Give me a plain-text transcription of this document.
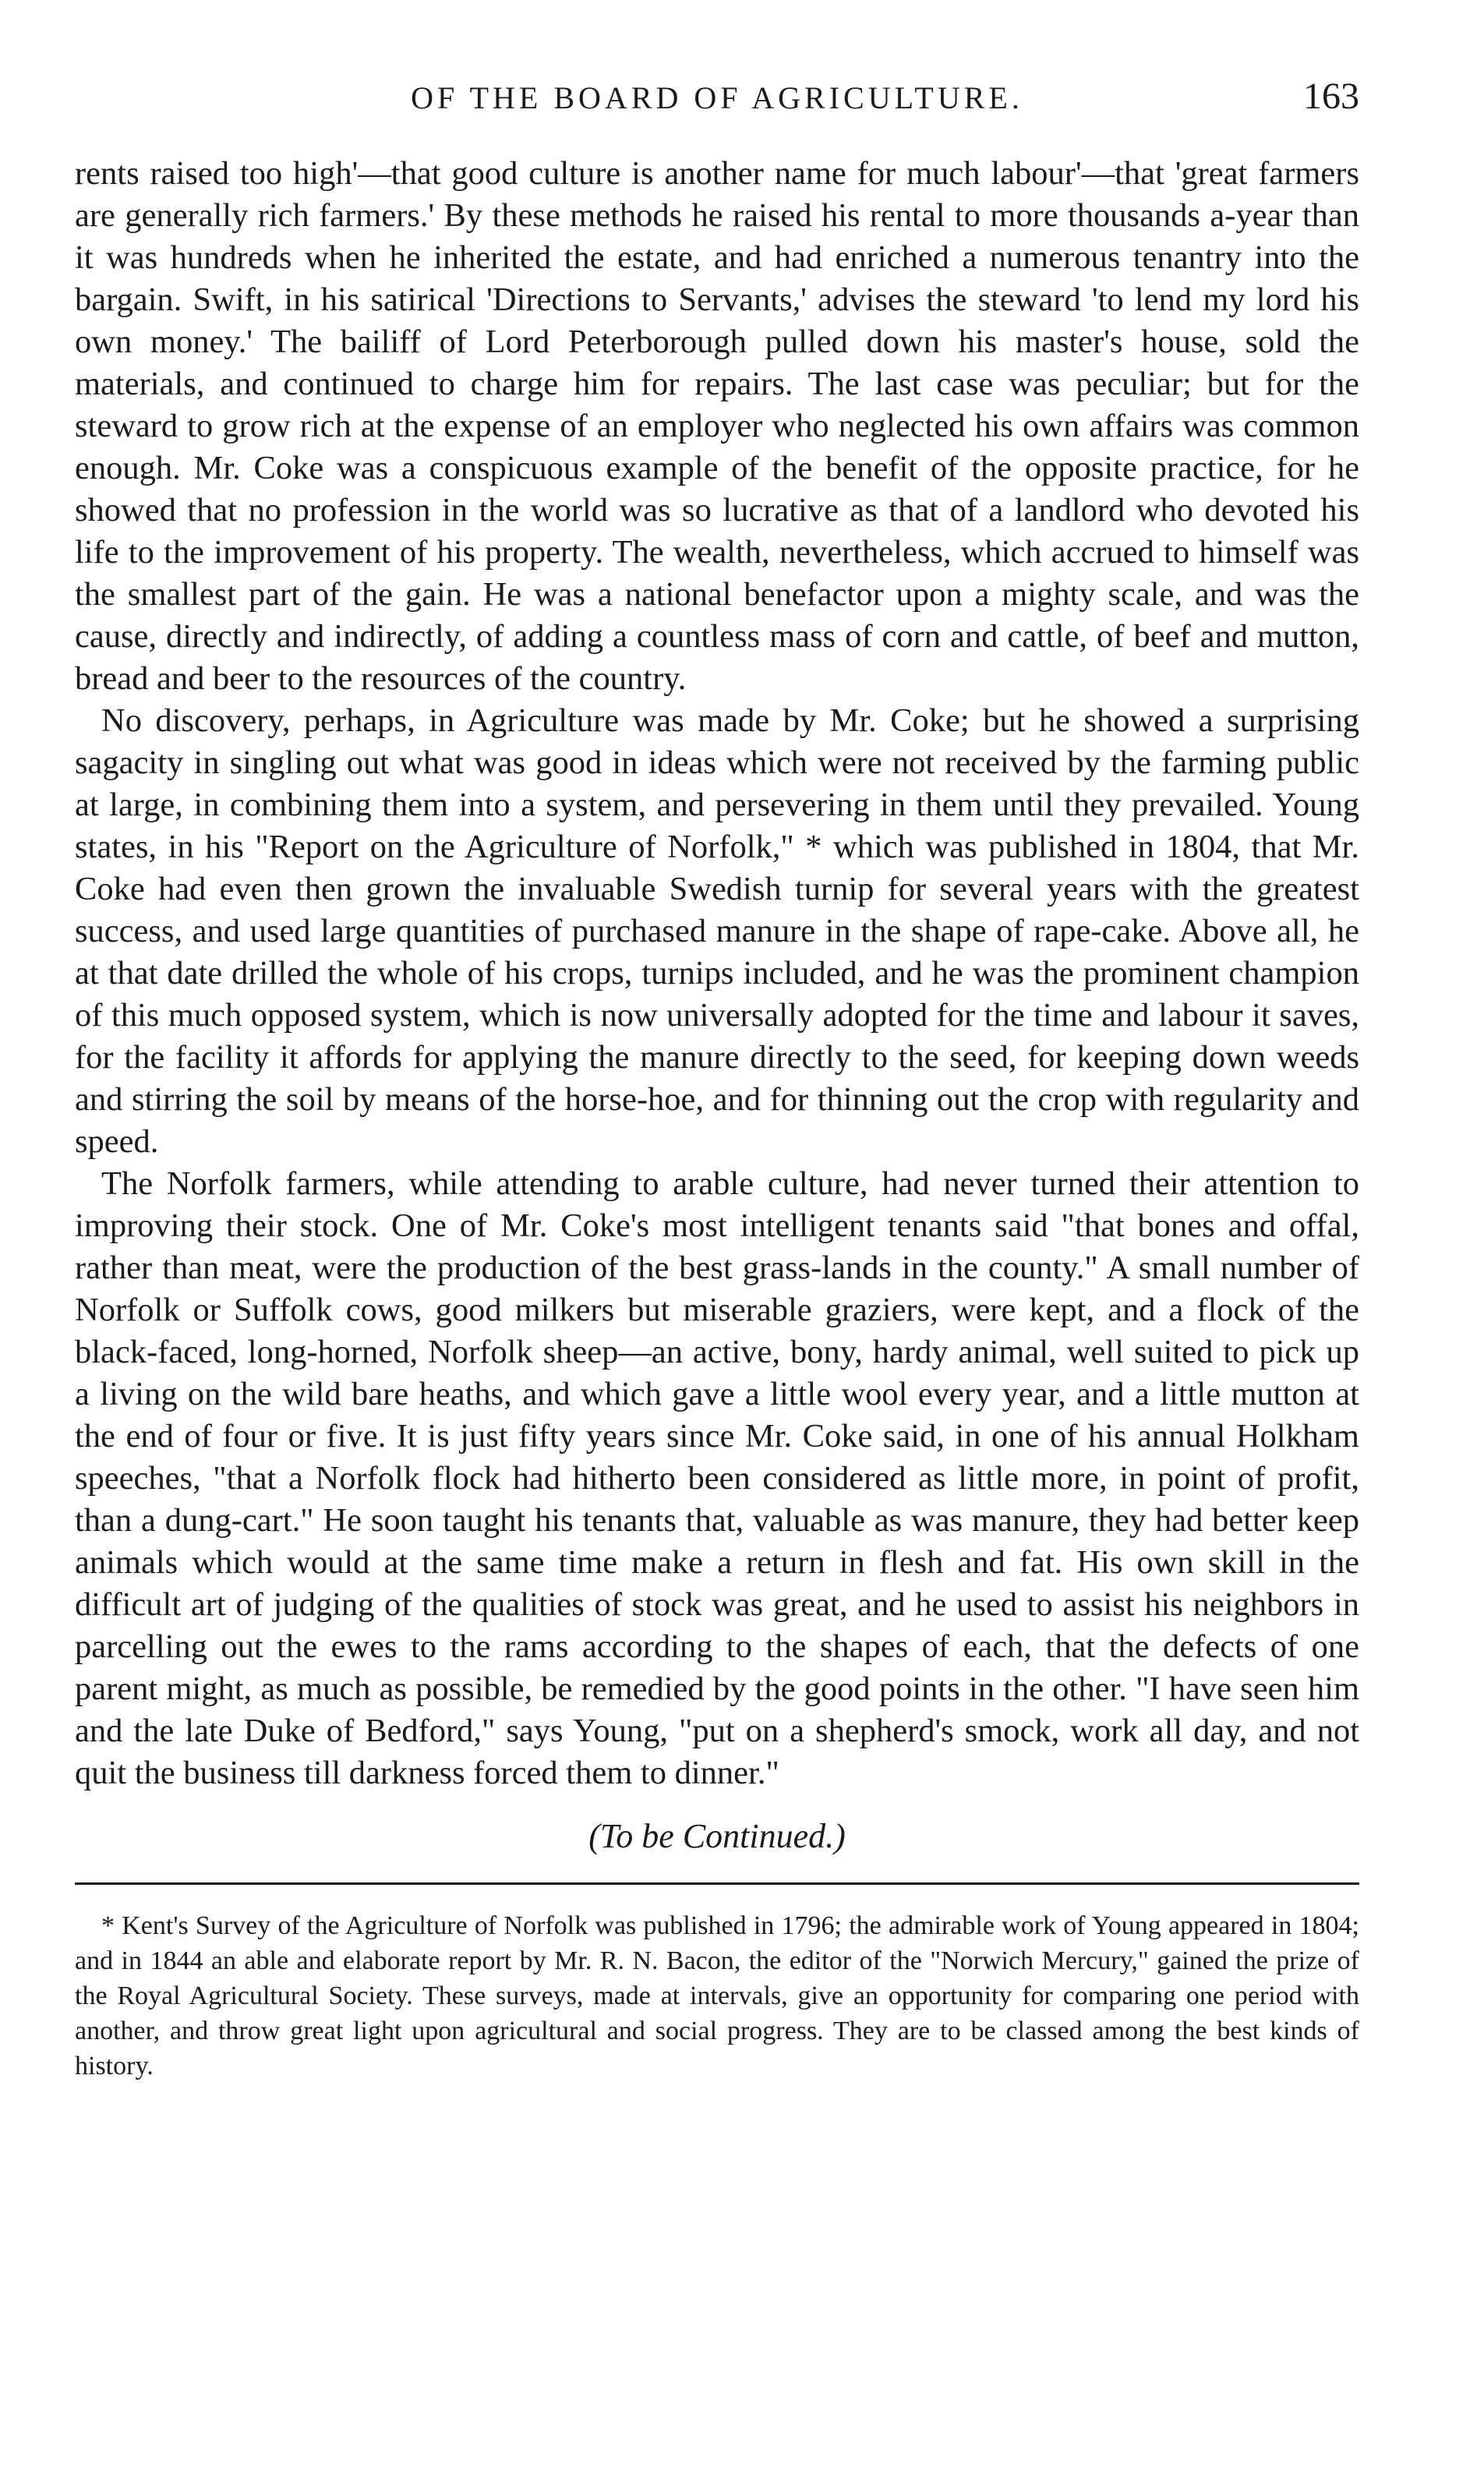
OF THE BOARD OF AGRICULTURE.	163

rents raised too high'—that good culture is another name for much labour'—that 'great farmers are generally rich farmers.' By these methods he raised his rental to more thousands a-year than it was hundreds when he inherited the estate, and had enriched a numerous tenantry into the bargain. Swift, in his satirical 'Directions to Servants,' advises the steward 'to lend my lord his own money.' The bailiff of Lord Peterborough pulled down his master's house, sold the materials, and continued to charge him for repairs. The last case was peculiar; but for the steward to grow rich at the expense of an employer who neglected his own affairs was common enough. Mr. Coke was a conspicuous example of the benefit of the opposite practice, for he showed that no profession in the world was so lucrative as that of a landlord who devoted his life to the improvement of his property. The wealth, nevertheless, which accrued to himself was the smallest part of the gain. He was a national benefactor upon a mighty scale, and was the cause, directly and indirectly, of adding a countless mass of corn and cattle, of beef and mutton, bread and beer to the resources of the country.

No discovery, perhaps, in Agriculture was made by Mr. Coke; but he showed a surprising sagacity in singling out what was good in ideas which were not received by the farming public at large, in combining them into a system, and persevering in them until they prevailed. Young states, in his "Report on the Agriculture of Norfolk," * which was published in 1804, that Mr. Coke had even then grown the invaluable Swedish turnip for several years with the greatest success, and used large quantities of purchased manure in the shape of rape-cake. Above all, he at that date drilled the whole of his crops, turnips included, and he was the prominent champion of this much opposed system, which is now universally adopted for the time and labour it saves, for the facility it affords for applying the manure directly to the seed, for keeping down weeds and stirring the soil by means of the horse-hoe, and for thinning out the crop with regularity and speed.

The Norfolk farmers, while attending to arable culture, had never turned their attention to improving their stock. One of Mr. Coke's most intelligent tenants said "that bones and offal, rather than meat, were the production of the best grass-lands in the county." A small number of Norfolk or Suffolk cows, good milkers but miserable graziers, were kept, and a flock of the black-faced, long-horned, Norfolk sheep—an active, bony, hardy animal, well suited to pick up a living on the wild bare heaths, and which gave a little wool every year, and a little mutton at the end of four or five. It is just fifty years since Mr. Coke said, in one of his annual Holkham speeches, "that a Norfolk flock had hitherto been considered as little more, in point of profit, than a dung-cart." He soon taught his tenants that, valuable as was manure, they had better keep animals which would at the same time make a return in flesh and fat. His own skill in the difficult art of judging of the qualities of stock was great, and he used to assist his neighbors in parcelling out the ewes to the rams according to the shapes of each, that the defects of one parent might, as much as possible, be remedied by the good points in the other. "I have seen him and the late Duke of Bedford," says Young, "put on a shepherd's smock, work all day, and not quit the business till darkness forced them to dinner."

(To be Continued.)
* Kent's Survey of the Agriculture of Norfolk was published in 1796; the admirable work of Young appeared in 1804; and in 1844 an able and elaborate report by Mr. R. N. Bacon, the editor of the "Norwich Mercury," gained the prize of the Royal Agricultural Society. These surveys, made at intervals, give an opportunity for comparing one period with another, and throw great light upon agricultural and social progress. They are to be classed among the best kinds of history.
